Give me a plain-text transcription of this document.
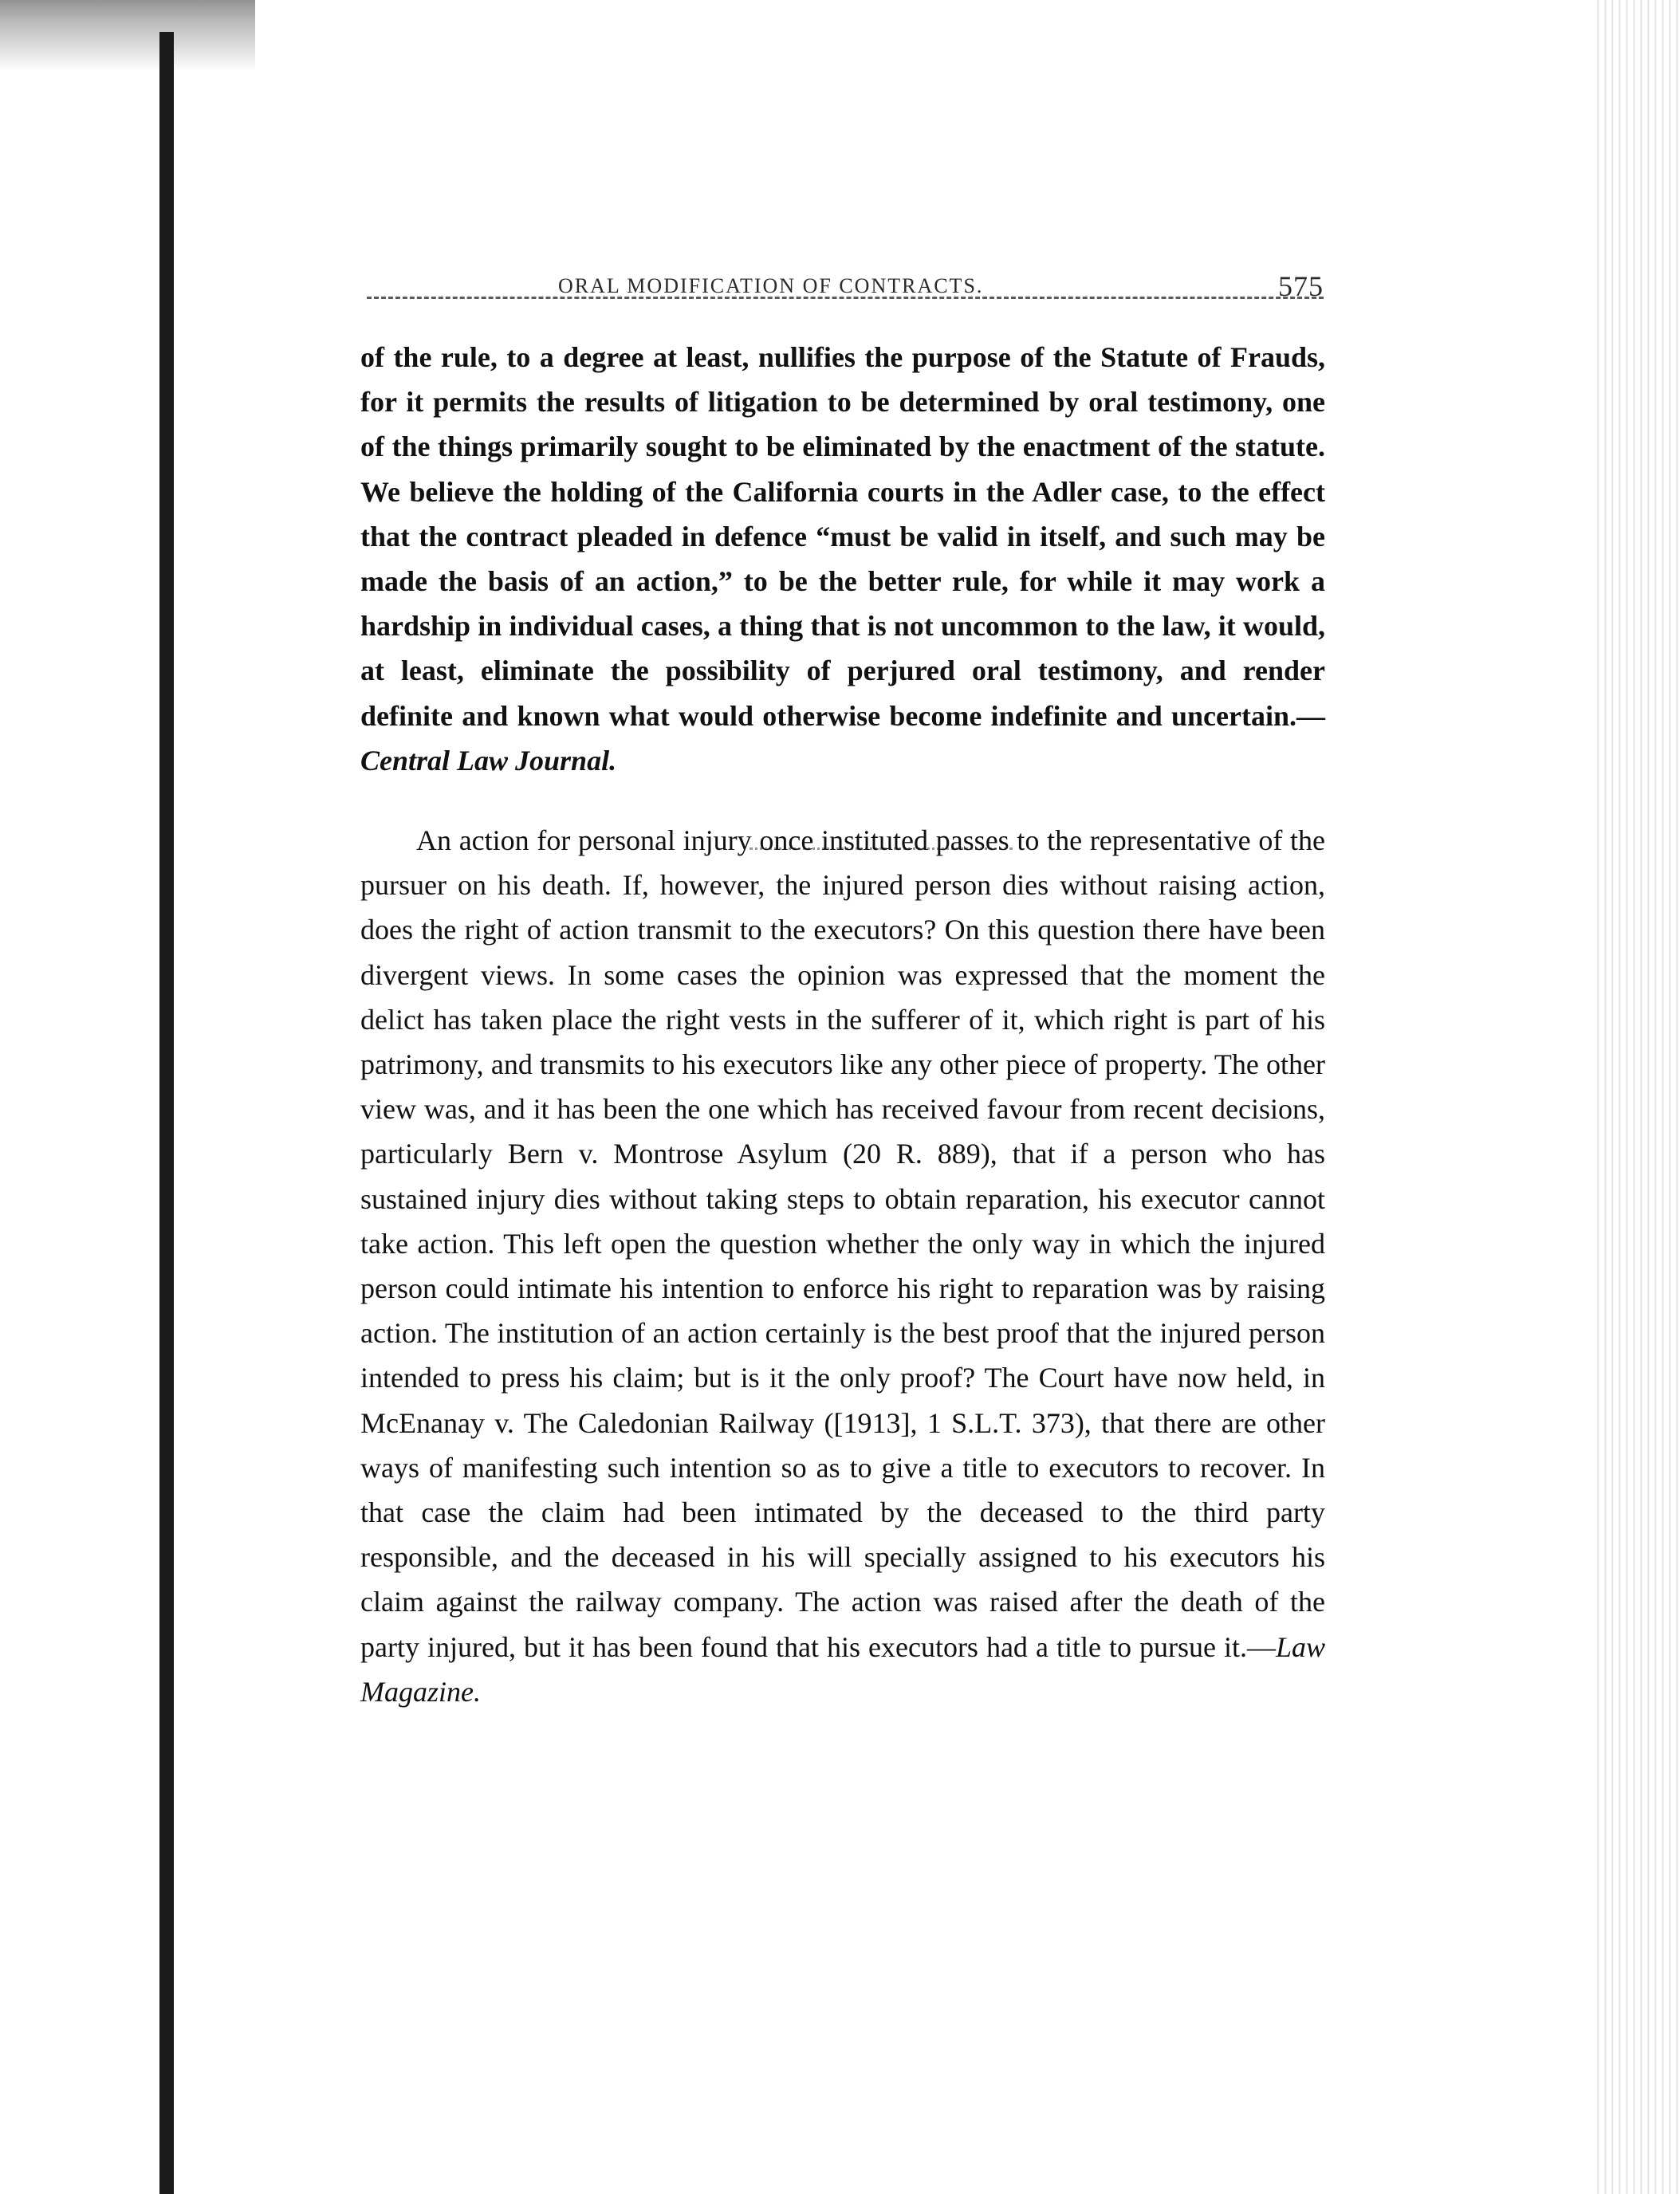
ORAL MODIFICATION OF CONTRACTS.	575

of the rule, to a degree at least, nullifies the purpose of the Statute of Frauds, for it permits the results of litigation to be determined by oral testimony, one of the things primarily sought to be eliminated by the enactment of the statute. We believe the holding of the California courts in the Adler case, to the effect that the contract pleaded in defence “must be valid in itself, and such may be made the basis of an action,” to be the better rule, for while it may work a hardship in individual cases, a thing that is not uncommon to the law, it would, at least, eliminate the possibility of perjured oral testimony, and render definite and known what would otherwise become indefinite and uncertain.—Central Law Journal.

An action for personal injury once instituted passes to the representative of the pursuer on his death. If, however, the injured person dies without raising action, does the right of action transmit to the executors? On this question there have been divergent views. In some cases the opinion was expressed that the moment the delict has taken place the right vests in the sufferer of it, which right is part of his patrimony, and transmits to his executors like any other piece of property. The other view was, and it has been the one which has received favour from recent decisions, particularly Bern v. Montrose Asylum (20 R. 889), that if a person who has sustained injury dies without taking steps to obtain reparation, his executor cannot take action. This left open the question whether the only way in which the injured person could intimate his intention to enforce his right to reparation was by raising action. The institution of an action certainly is the best proof that the injured person intended to press his claim; but is it the only proof? The Court have now held, in McEnanay v. The Caledonian Railway ([1913], 1 S.L.T. 373), that there are other ways of manifesting such intention so as to give a title to executors to recover. In that case the claim had been intimated by the deceased to the third party responsible, and the deceased in his will specially assigned to his executors his claim against the railway company. The action was raised after the death of the party injured, but it has been found that his executors had a title to pursue it.—Law Magazine.
